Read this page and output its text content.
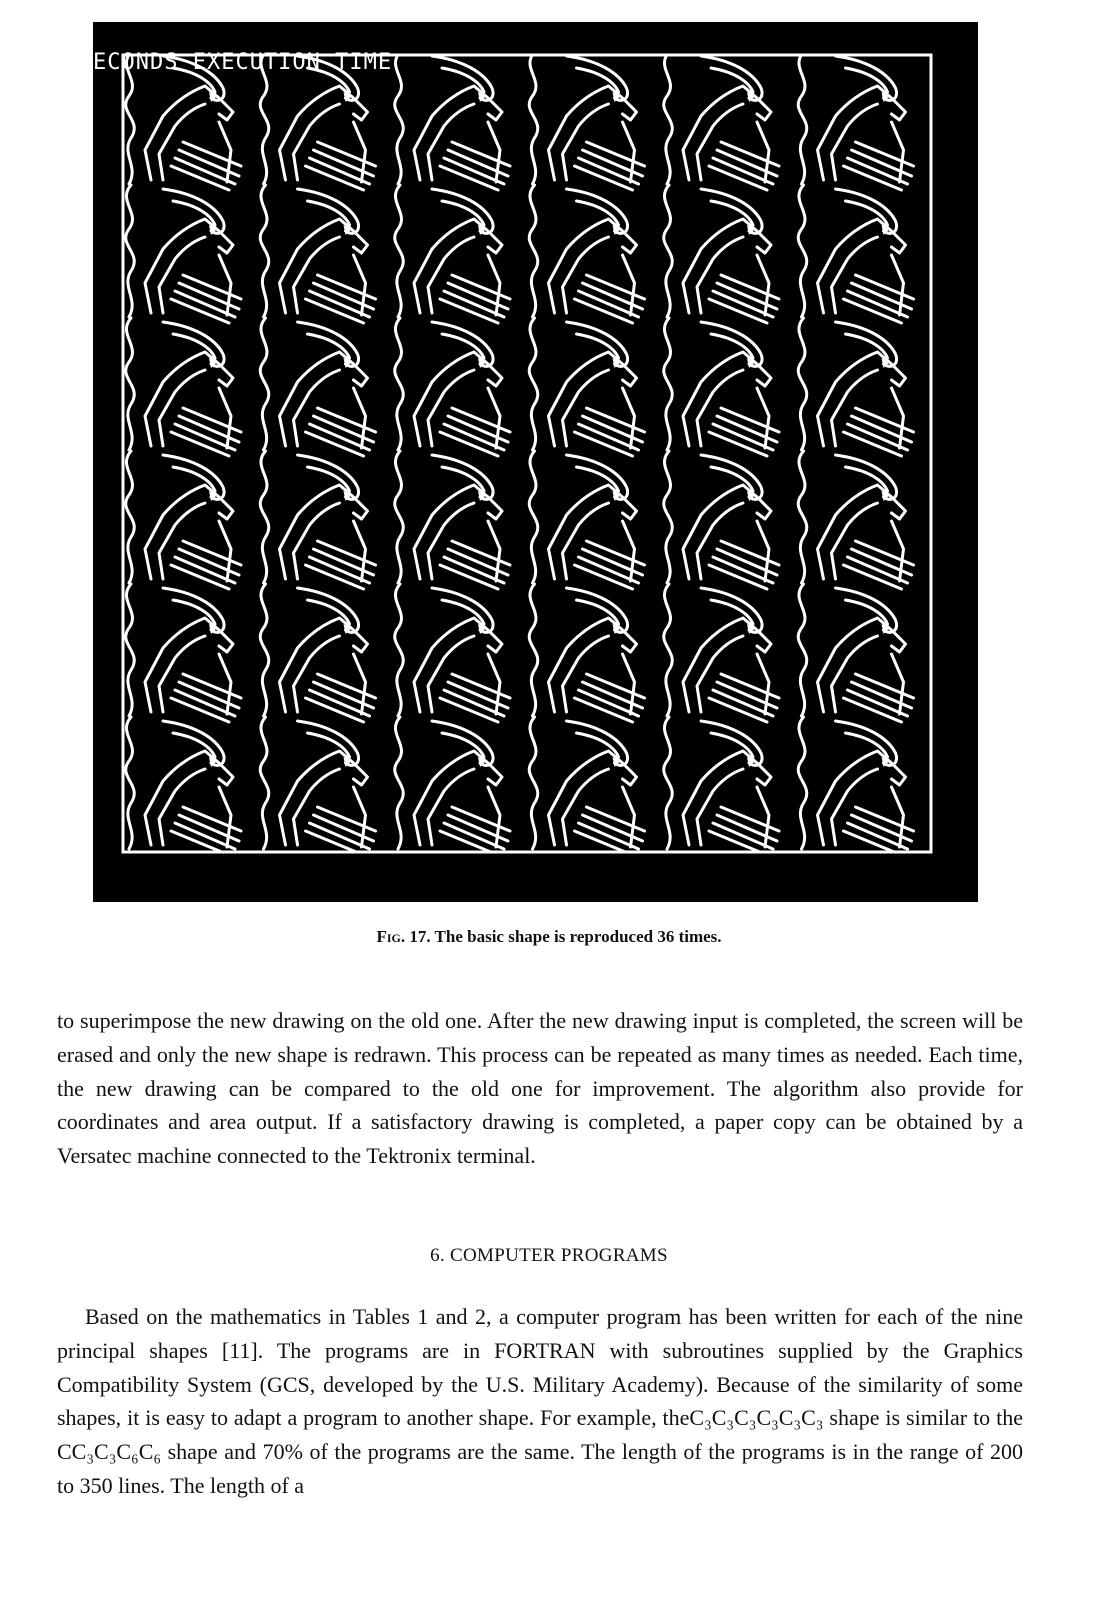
ECONDS EXECUTION TIME
Fig. 17. The basic shape is reproduced 36 times.

to superimpose the new drawing on the old one. After the new drawing input is completed, the screen will be erased and only the new shape is redrawn. This process can be repeated as many times as needed. Each time, the new drawing can be compared to the old one for improvement. The algorithm also provide for coordinates and area output. If a satisfactory drawing is completed, a paper copy can be obtained by a Versatec machine connected to the Tektronix terminal.

6. COMPUTER PROGRAMS

Based on the mathematics in Tables 1 and 2, a computer program has been written for each of the nine principal shapes [11]. The programs are in FORTRAN with subroutines supplied by the Graphics Compatibility System (GCS, developed by the U.S. Military Academy). Because of the similarity of some shapes, it is easy to adapt a program to another shape. For example, theC₃C₃C₃C₃C₃C₃ shape is similar to the CC₃C₃C₆C₆ shape and 70% of the programs are the same. The length of the programs is in the range of 200 to 350 lines. The length of a
